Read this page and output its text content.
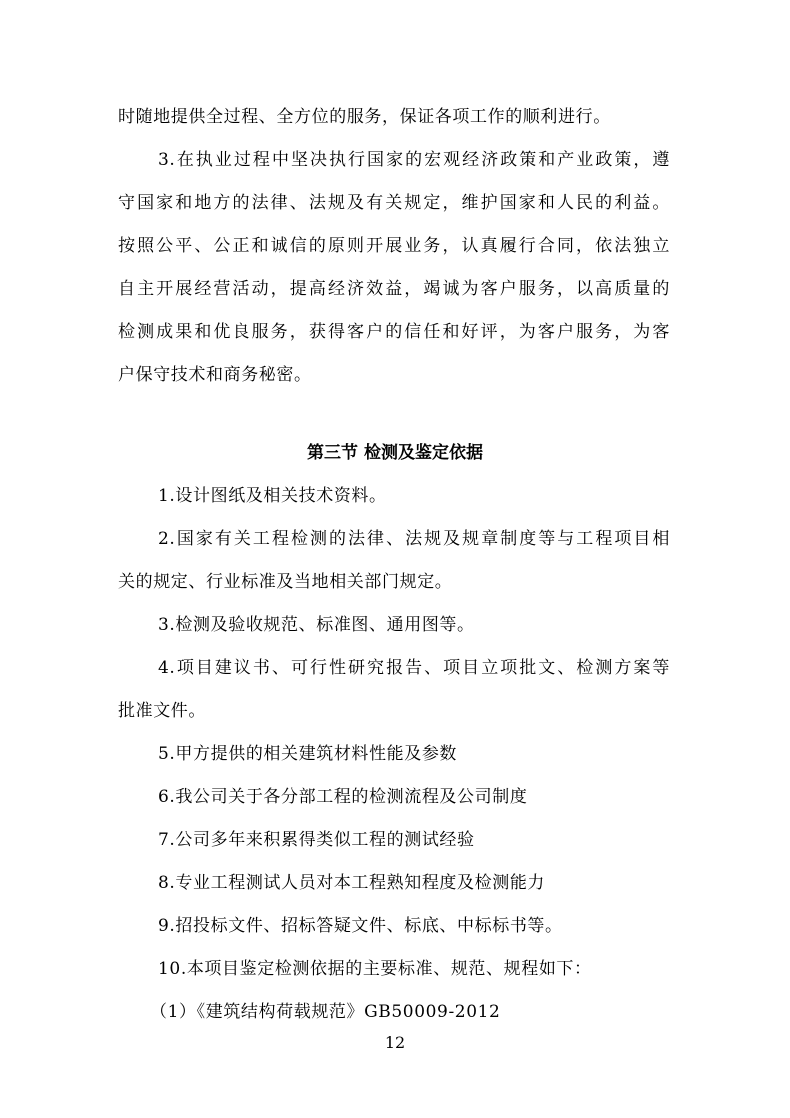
时随地提供全过程、全方位的服务，保证各项工作的顺利进行。
3.在执业过程中坚决执行国家的宏观经济政策和产业政策，遵
守国家和地方的法律、法规及有关规定，维护国家和人民的利益。
按照公平、公正和诚信的原则开展业务，认真履行合同，依法独立
自主开展经营活动，提高经济效益，竭诚为客户服务，以高质量的
检测成果和优良服务，获得客户的信任和好评，为客户服务，为客
户保守技术和商务秘密。
第三节 检测及鉴定依据
1.设计图纸及相关技术资料。
2.国家有关工程检测的法律、法规及规章制度等与工程项目相
关的规定、行业标准及当地相关部门规定。
3.检测及验收规范、标准图、通用图等。
4.项目建议书、可行性研究报告、项目立项批文、检测方案等
批准文件。
5.甲方提供的相关建筑材料性能及参数
6.我公司关于各分部工程的检测流程及公司制度
7.公司多年来积累得类似工程的测试经验
8.专业工程测试人员对本工程熟知程度及检测能力
9.招投标文件、招标答疑文件、标底、中标标书等。
10.本项目鉴定检测依据的主要标准、规范、规程如下：
（1）《建筑结构荷载规范》GB50009-2012
12
